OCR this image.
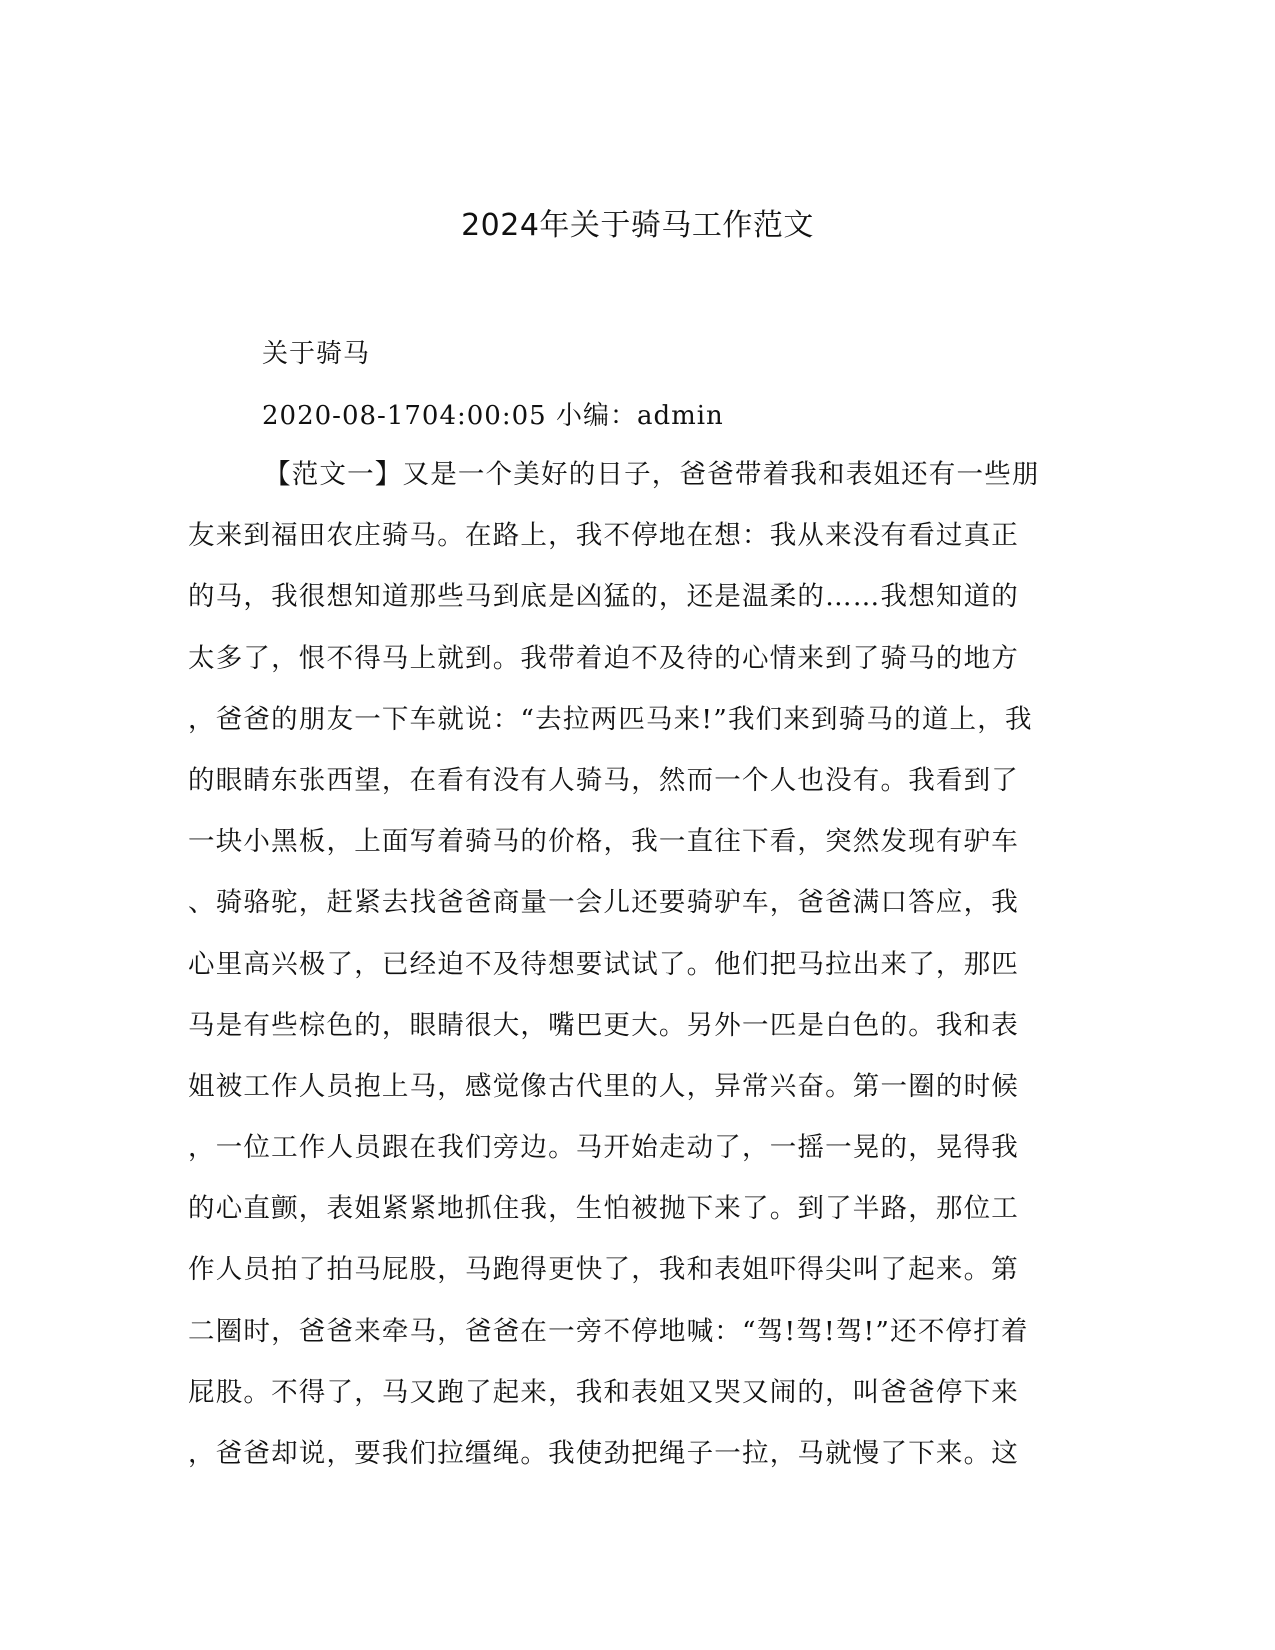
2024年关于骑马工作范文
关于骑马
2020-08-1704:00:05 小编：admin
【范文一】又是一个美好的日子，爸爸带着我和表姐还有一些朋
友来到福田农庄骑马。在路上，我不停地在想：我从来没有看过真正
的马，我很想知道那些马到底是凶猛的，还是温柔的……我想知道的
太多了，恨不得马上就到。我带着迫不及待的心情来到了骑马的地方
，爸爸的朋友一下车就说：“去拉两匹马来!”我们来到骑马的道上，我
的眼睛东张西望，在看有没有人骑马，然而一个人也没有。我看到了
一块小黑板，上面写着骑马的价格，我一直往下看，突然发现有驴车
、骑骆驼，赶紧去找爸爸商量一会儿还要骑驴车，爸爸满口答应，我
心里高兴极了，已经迫不及待想要试试了。他们把马拉出来了，那匹
马是有些棕色的，眼睛很大，嘴巴更大。另外一匹是白色的。我和表
姐被工作人员抱上马，感觉像古代里的人，异常兴奋。第一圈的时候
，一位工作人员跟在我们旁边。马开始走动了，一摇一晃的，晃得我
的心直颤，表姐紧紧地抓住我，生怕被抛下来了。到了半路，那位工
作人员拍了拍马屁股，马跑得更快了，我和表姐吓得尖叫了起来。第
二圈时，爸爸来牵马，爸爸在一旁不停地喊：“驾!驾!驾!”还不停打着
屁股。不得了，马又跑了起来，我和表姐又哭又闹的，叫爸爸停下来
，爸爸却说，要我们拉缰绳。我使劲把绳子一拉，马就慢了下来。这
